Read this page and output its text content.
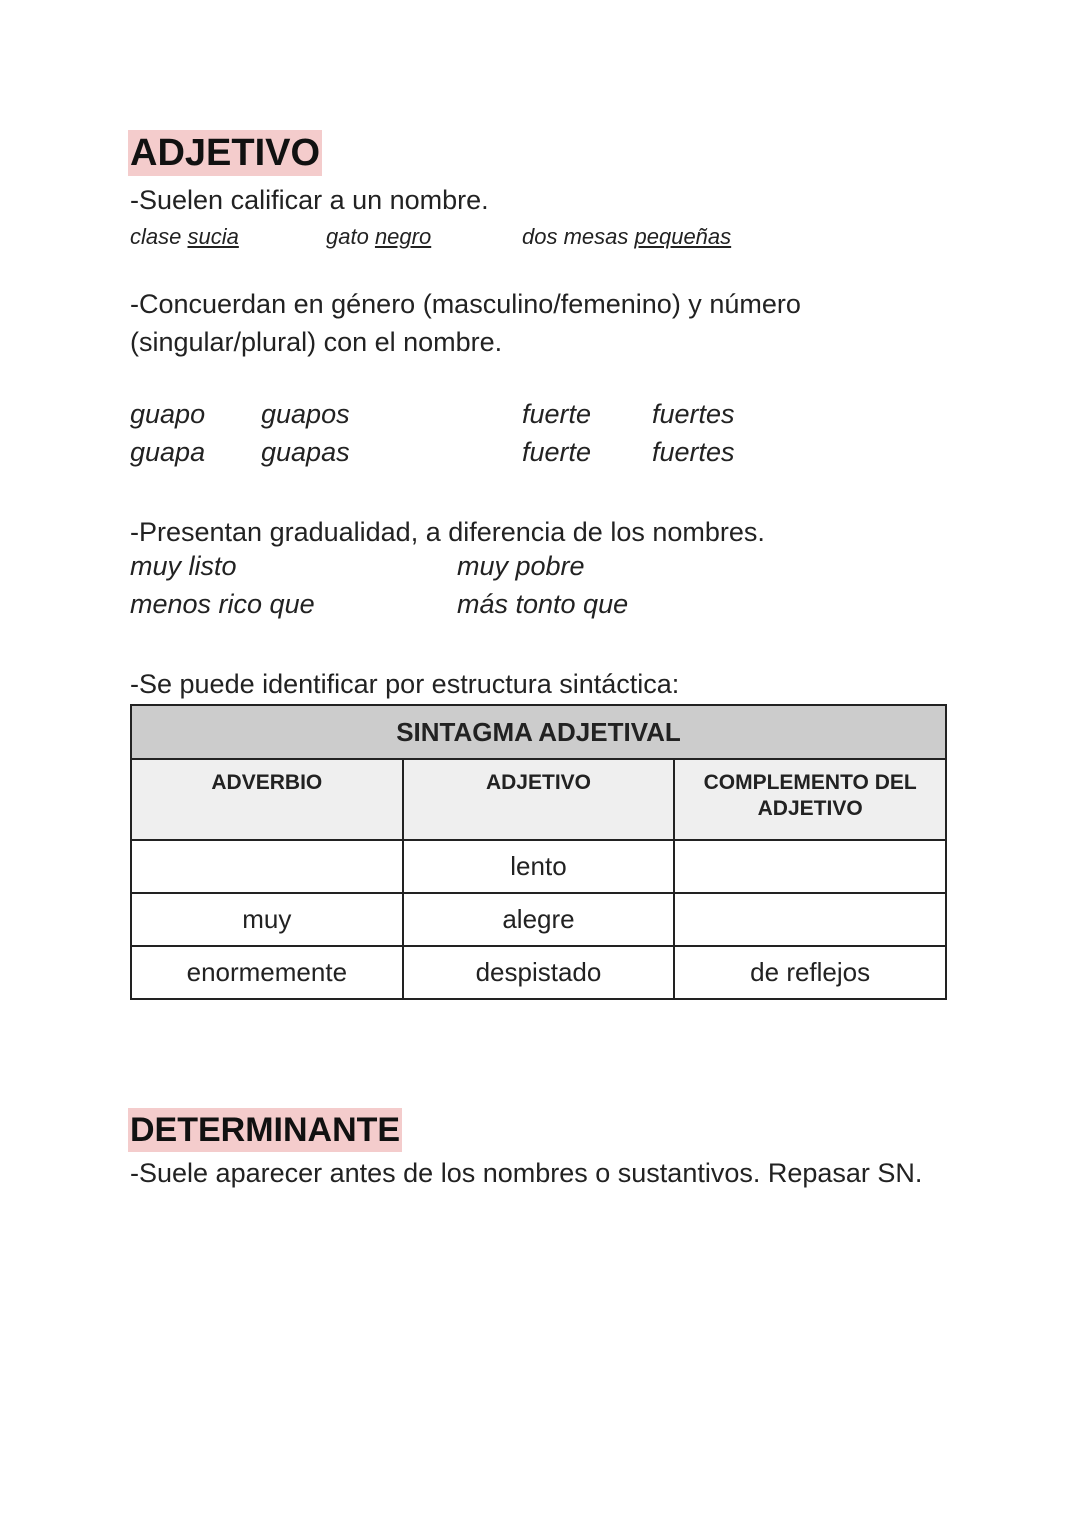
ADJETIVO
-Suelen calificar a un nombre.
clase sucia	gato negro	dos mesas pequeñas
-Concuerdan en género (masculino/femenino) y número
(singular/plural) con el nombre.
guapo guapos	fuerte fuertes
guapa guapas	fuerte fuertes
-Presentan gradualidad, a diferencia de los nombres.
muy listo	muy pobre
menos rico que	más tonto que
-Se puede identificar por estructura sintáctica:
SINTAGMA ADJETIVAL		
ADVERBIO	ADJETIVO	COMPLEMENTO DEL ADJETIVO
	lento	
muy	alegre	
enormemente	despistado	de reflejos
DETERMINANTE
-Suele aparecer antes de los nombres o sustantivos. Repasar SN.
